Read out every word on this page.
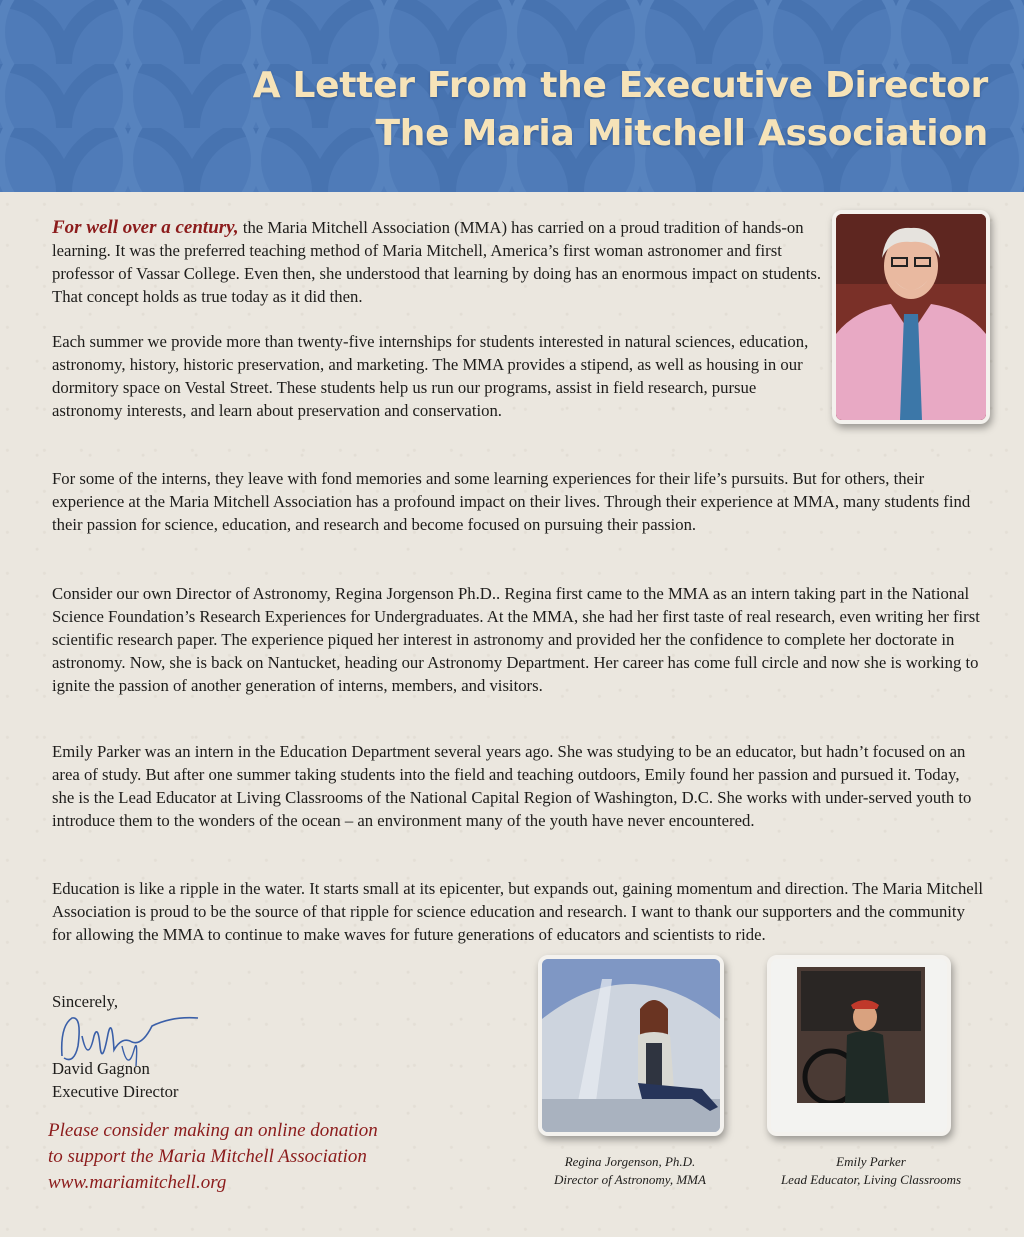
A Letter From the Executive Director
The Maria Mitchell Association

For well over a century, the Maria Mitchell Association (MMA) has carried on a proud tradition of hands-on learning. It was the preferred teaching method of Maria Mitchell, America’s first woman astronomer and first professor of Vassar College. Even then, she understood that learning by doing has an enormous impact on students. That concept holds as true today as it did then.

Each summer we provide more than twenty-five internships for students interested in natural sciences, education, astronomy, history, historic preservation, and marketing. The MMA provides a stipend, as well as housing in our dormitory space on Vestal Street. These students help us run our programs, assist in field research, pursue astronomy interests, and learn about preservation and conservation.
For some of the interns, they leave with fond memories and some learning experiences for their life’s pursuits. But for others, their experience at the Maria Mitchell Association has a profound impact on their lives. Through their experience at MMA, many students find their passion for science, education, and research and become focused on pursuing their passion.
Consider our own Director of Astronomy, Regina Jorgenson Ph.D.. Regina first came to the MMA as an intern taking part in the National Science Foundation’s Research Experiences for Undergraduates. At the MMA, she had her first taste of real research, even writing her first scientific research paper. The experience piqued her interest in astronomy and provided her the confidence to complete her doctorate in astronomy. Now, she is back on Nantucket, heading our Astronomy Department. Her career has come full circle and now she is working to ignite the passion of another generation of interns, members, and visitors.
Emily Parker was an intern in the Education Department several years ago. She was studying to be an educator, but hadn’t focused on an area of study. But after one summer taking students into the field and teaching outdoors, Emily found her passion and pursued it. Today, she is the Lead Educator at Living Classrooms of the National Capital Region of Washington, D.C. She works with under-served youth to introduce them to the wonders of the ocean – an environment many of the youth have never encountered.
Education is like a ripple in the water. It starts small at its epicenter, but expands out, gaining momentum and direction. The Maria Mitchell Association is proud to be the source of that ripple for science education and research. I want to thank our supporters and the community for allowing the MMA to continue to make waves for future generations of educators and scientists to ride.
Sincerely,
David Gagnon
Executive Director
Please consider making an online donation
to support the Maria Mitchell Association
www.mariamitchell.org
Regina Jorgenson, Ph.D.
Director of Astronomy, MMA
Emily Parker
Lead Educator, Living Classrooms
